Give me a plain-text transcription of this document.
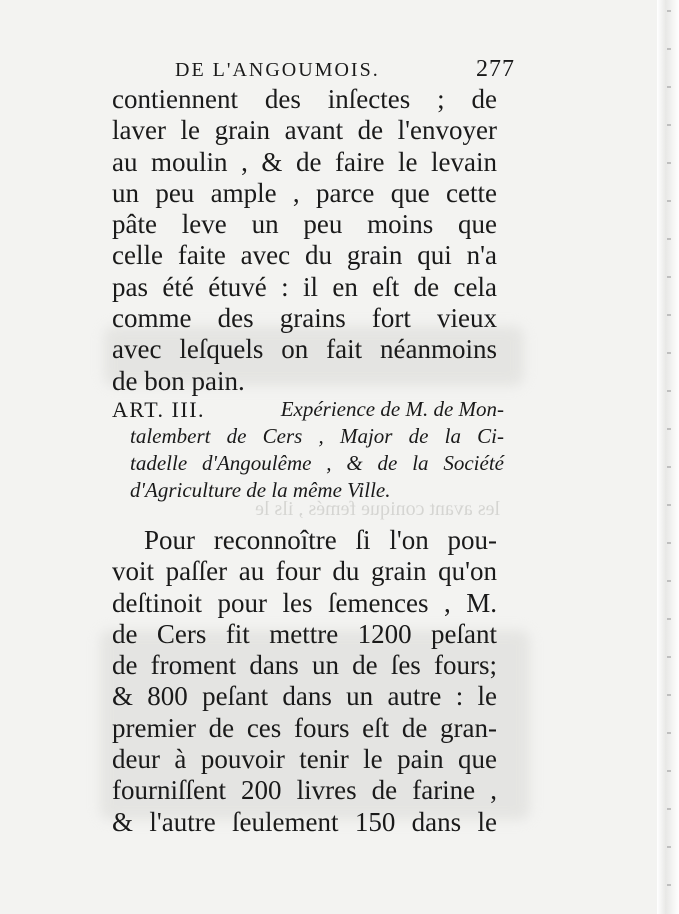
DE L'ANGOUMOIS.	277
contiennent des inſectes ; de
laver le grain avant de l'envoyer
au moulin , & de faire le levain
un peu ample , parce que cette
pâte leve un peu moins que
celle faite avec du grain qui n'a
pas été étuvé : il en eſt de cela
comme des grains fort vieux
avec leſquels on fait néanmoins
de bon pain.
ART. III.	Expérience de M. de Mon-
talembert de Cers , Major de la Ci-
tadelle d'Angoulême , & de la Société
d'Agriculture de la même Ville.
les avant conique femés , ils le
Pour reconnoître ſi l'on pou-
voit paſſer au four du grain qu'on
deſtinoit pour les ſemences , M.
de Cers fit mettre 1200 peſant
de froment dans un de ſes fours;
& 800 peſant dans un autre : le
premier de ces fours eſt de gran-
deur à pouvoir tenir le pain que
fourniſſent 200 livres de farine ,
& l'autre ſeulement 150 dans le
